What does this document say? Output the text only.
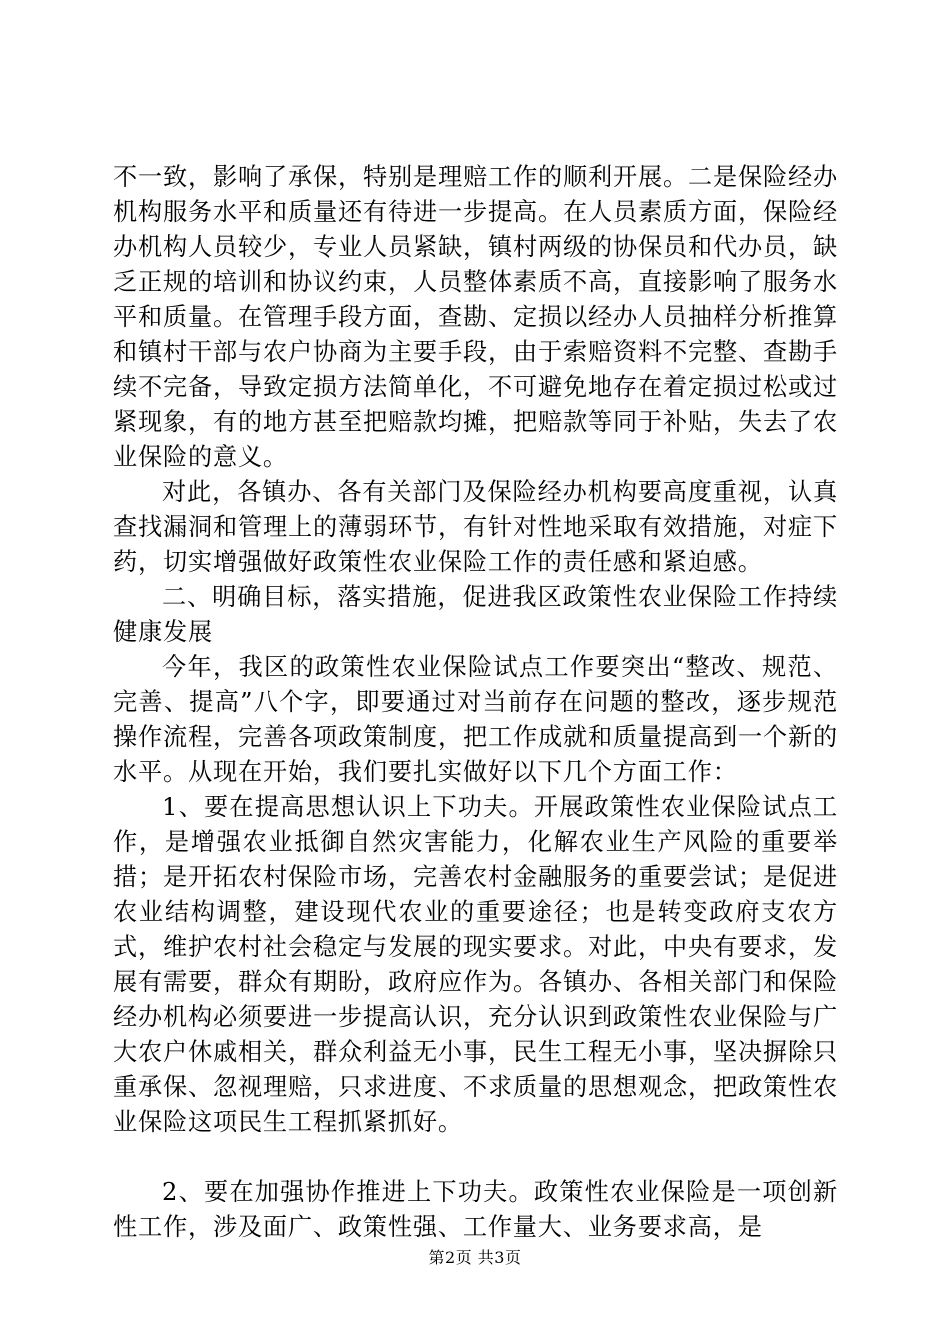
不一致，影响了承保，特别是理赔工作的顺利开展。二是保险经办机构服务水平和质量还有待进一步提高。在人员素质方面，保险经办机构人员较少，专业人员紧缺，镇村两级的协保员和代办员，缺乏正规的培训和协议约束，人员整体素质不高，直接影响了服务水平和质量。在管理手段方面，查勘、定损以经办人员抽样分析推算和镇村干部与农户协商为主要手段，由于索赔资料不完整、查勘手续不完备，导致定损方法简单化，不可避免地存在着定损过松或过紧现象，有的地方甚至把赔款均摊，把赔款等同于补贴，失去了农业保险的意义。

对此，各镇办、各有关部门及保险经办机构要高度重视，认真查找漏洞和管理上的薄弱环节，有针对性地采取有效措施，对症下药，切实增强做好政策性农业保险工作的责任感和紧迫感。

二、明确目标，落实措施，促进我区政策性农业保险工作持续健康发展

今年，我区的政策性农业保险试点工作要突出“整改、规范、完善、提高”八个字，即要通过对当前存在问题的整改，逐步规范操作流程，完善各项政策制度，把工作成就和质量提高到一个新的水平。从现在开始，我们要扎实做好以下几个方面工作：

1、要在提高思想认识上下功夫。开展政策性农业保险试点工作，是增强农业抵御自然灾害能力，化解农业生产风险的重要举措；是开拓农村保险市场，完善农村金融服务的重要尝试；是促进农业结构调整，建设现代农业的重要途径；也是转变政府支农方式，维护农村社会稳定与发展的现实要求。对此，中央有要求，发展有需要，群众有期盼，政府应作为。各镇办、各相关部门和保险经办机构必须要进一步提高认识，充分认识到政策性农业保险与广大农户休戚相关，群众利益无小事，民生工程无小事，坚决摒除只重承保、忽视理赔，只求进度、不求质量的思想观念，把政策性农业保险这项民生工程抓紧抓好。

2、要在加强协作推进上下功夫。政策性农业保险是一项创新性工作，涉及面广、政策性强、工作量大、业务要求高，是

第2页 共3页
